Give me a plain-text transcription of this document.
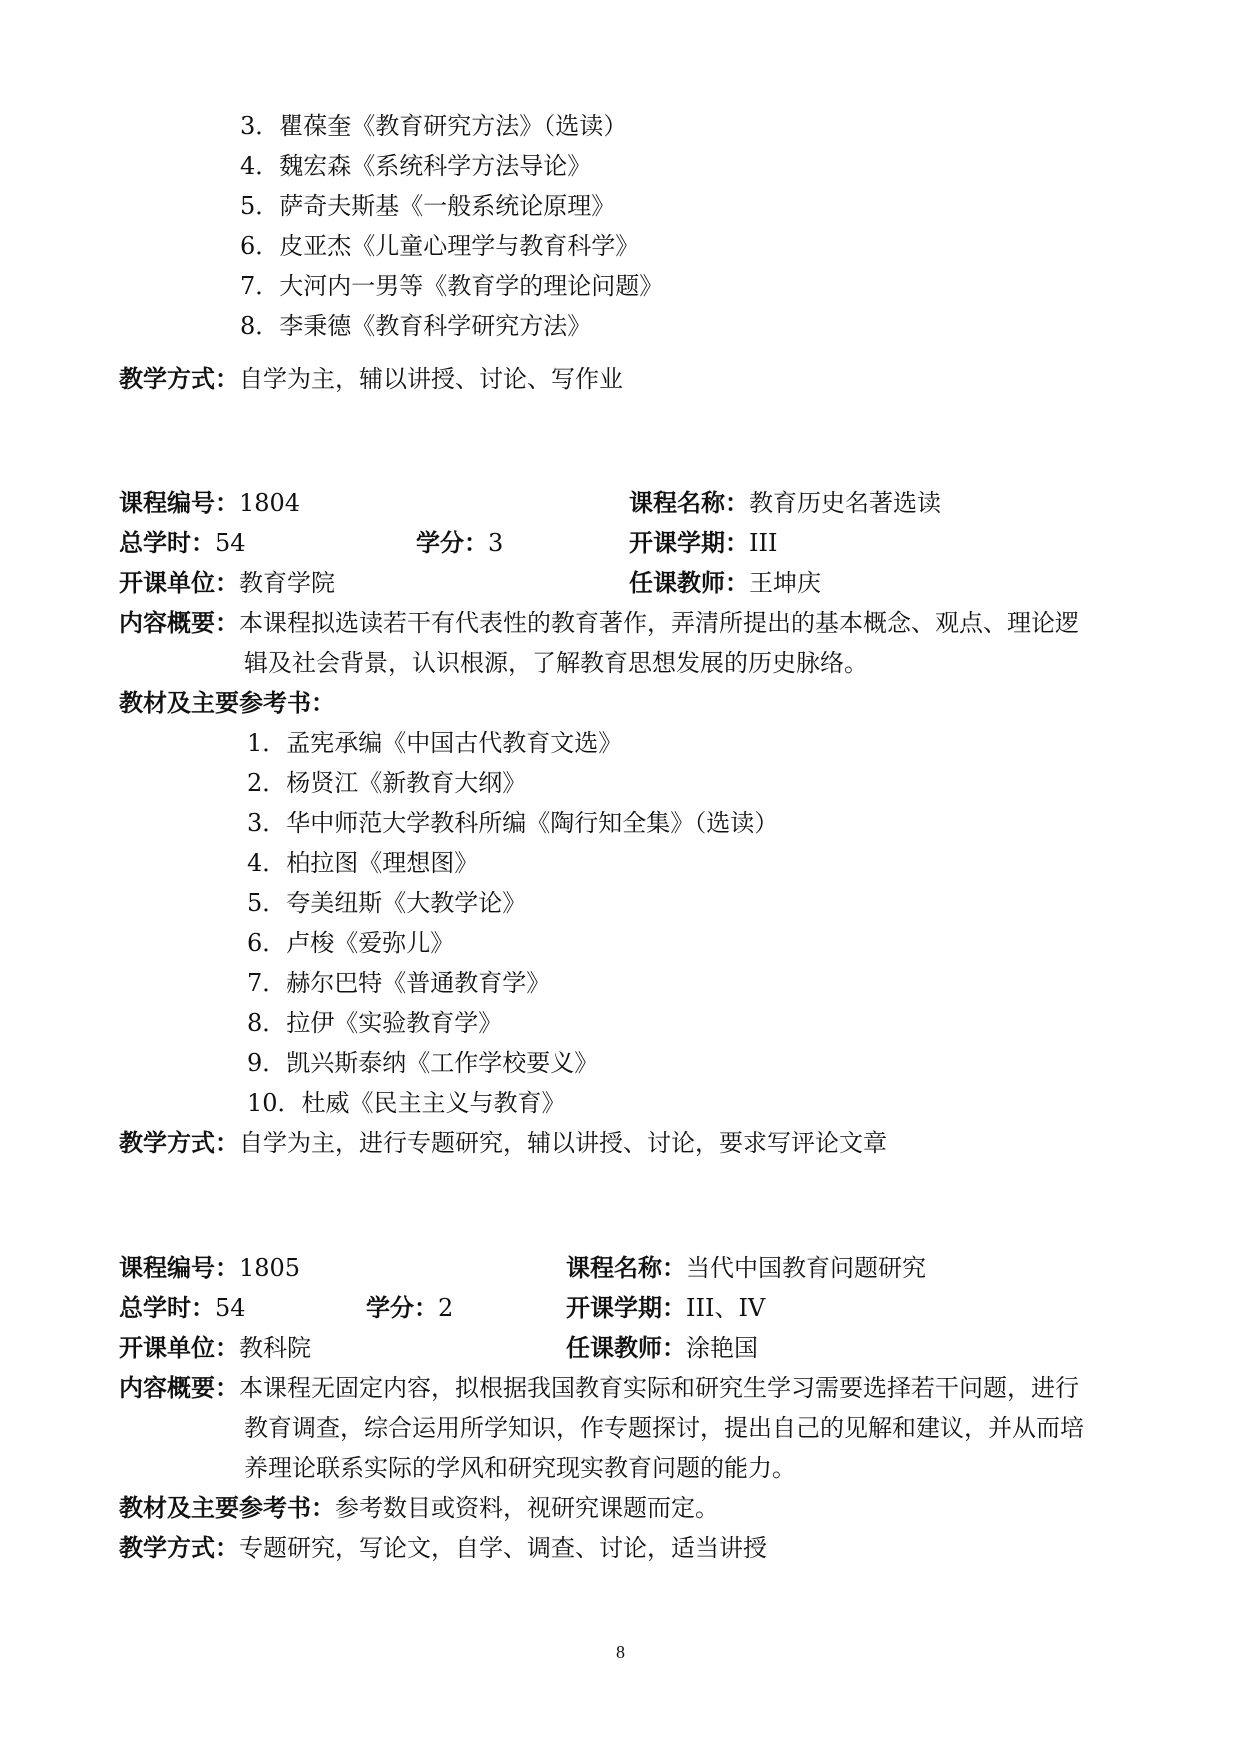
3．瞿葆奎《教育研究方法》（选读）
4．魏宏森《系统科学方法导论》
5．萨奇夫斯基《一般系统论原理》
6．皮亚杰《儿童心理学与教育科学》
7．大河内一男等《教育学的理论问题》
8．李秉德《教育科学研究方法》
教学方式：自学为主，辅以讲授、讨论、写作业
课程编号：1804	课程名称：教育历史名著选读
总学时：54	学分：3	开课学期：III
开课单位：教育学院	任课教师：王坤庆
内容概要：本课程拟选读若干有代表性的教育著作，弄清所提出的基本概念、观点、理论逻
辑及社会背景，认识根源，了解教育思想发展的历史脉络。
教材及主要参考书：
1．孟宪承编《中国古代教育文选》
2．杨贤江《新教育大纲》
3．华中师范大学教科所编《陶行知全集》（选读）
4．柏拉图《理想图》
5．夸美纽斯《大教学论》
6．卢梭《爱弥儿》
7．赫尔巴特《普通教育学》
8．拉伊《实验教育学》
9．凯兴斯泰纳《工作学校要义》
10．杜威《民主主义与教育》
教学方式：自学为主，进行专题研究，辅以讲授、讨论，要求写评论文章
课程编号：1805	课程名称：当代中国教育问题研究
总学时：54	学分：2	开课学期：III、IV
开课单位：教科院	任课教师：涂艳国
内容概要：本课程无固定内容，拟根据我国教育实际和研究生学习需要选择若干问题，进行
教育调查，综合运用所学知识，作专题探讨，提出自己的见解和建议，并从而培
养理论联系实际的学风和研究现实教育问题的能力。
教材及主要参考书：参考数目或资料，视研究课题而定。
教学方式：专题研究，写论文，自学、调查、讨论，适当讲授
8
